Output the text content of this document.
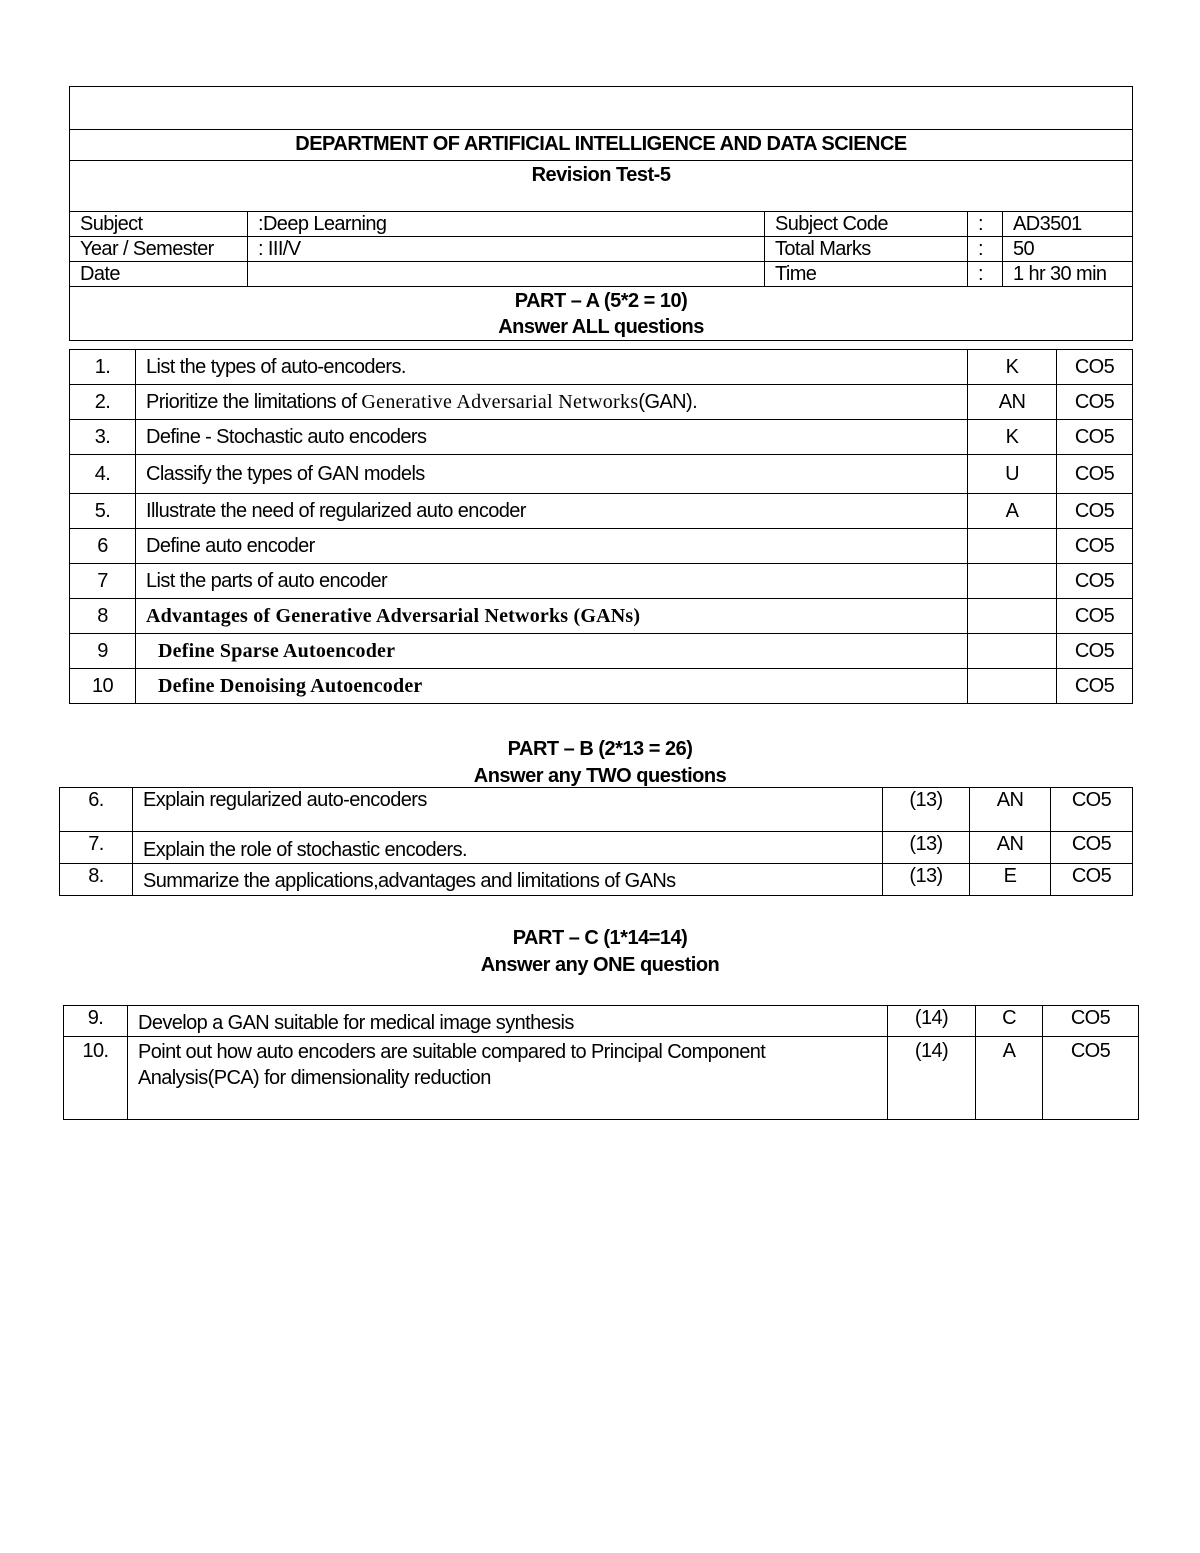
DEPARTMENT OF ARTIFICIAL INTELLIGENCE AND DATA SCIENCE				
Revision Test-5				
Subject	:Deep Learning	Subject Code	:	AD3501
Year / Semester	: III/V	Total Marks	:	50
Date		Time	:	1 hr 30 min

PART – A (5*2 = 10)
Answer ALL questions				
1.	List the types of auto-encoders.	K	CO5
2.	Prioritize the limitations of Generative Adversarial Networks(GAN).	AN	CO5
3.	Define - Stochastic auto encoders	K	CO5
4.	Classify the types of GAN models	U	CO5
5.	Illustrate the need of regularized auto encoder	A	CO5
6	Define auto encoder		CO5
7	List the parts of auto encoder		CO5
8	Advantages of Generative Adversarial Networks (GANs)		CO5
9	Define Sparse Autoencoder		CO5
10	Define Denoising Autoencoder		CO5
PART – B (2*13 = 26)
Answer any TWO questions
6.	Explain regularized auto-encoders	(13)	AN	CO5
7.	Explain the role of stochastic encoders.	(13)	AN	CO5
8.	Summarize the applications,advantages and limitations of GANs	(13)	E	CO5
PART – C (1*14=14)
Answer any ONE question
9.	Develop a GAN suitable for medical image synthesis	(14)	C	CO5
10.	Point out how auto encoders are suitable compared to Principal Component Analysis(PCA) for dimensionality reduction	(14)	A	CO5
